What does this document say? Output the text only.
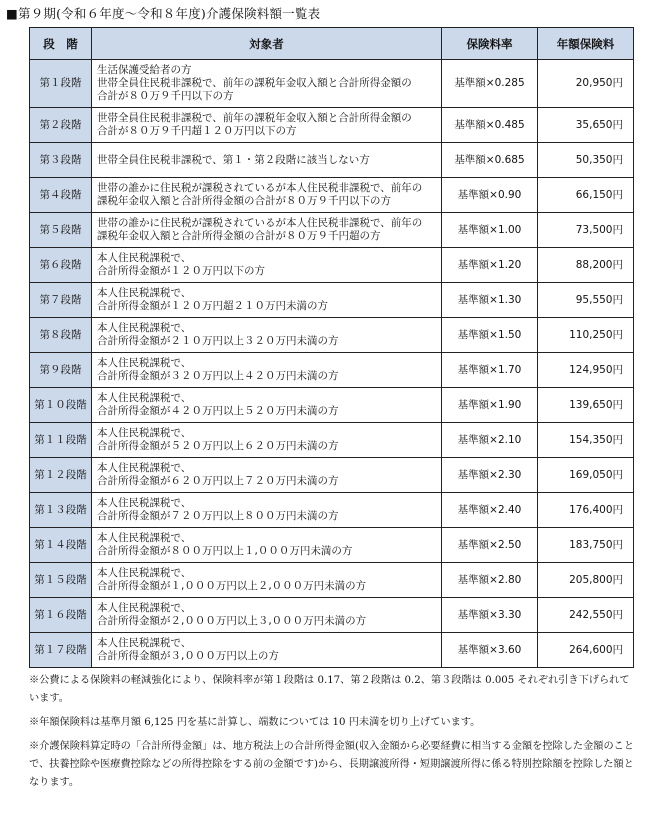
■第９期(令和６年度～令和８年度)介護保険料額一覧表
段　階	対象者	保険料率	年額保険料
第１段階	生活保護受給者の方
世帯全員住民税非課税で、前年の課税年金収入額と合計所得金額の
合計が８０万９千円以下の方	基準額×0.285	20,950円
第２段階	世帯全員住民税非課税で、前年の課税年金収入額と合計所得金額の
合計が８０万９千円超１２０万円以下の方	基準額×0.485	35,650円
第３段階	世帯全員住民税非課税で、第１・第２段階に該当しない方	基準額×0.685	50,350円
第４段階	世帯の誰かに住民税が課税されているが本人住民税非課税で、前年の
課税年金収入額と合計所得金額の合計が８０万９千円以下の方	基準額×0.90	66,150円
第５段階	世帯の誰かに住民税が課税されているが本人住民税非課税で、前年の
課税年金収入額と合計所得金額の合計が８０万９千円超の方	基準額×1.00	73,500円
第６段階	本人住民税課税で、
合計所得金額が１２０万円以下の方	基準額×1.20	88,200円
第７段階	本人住民税課税で、
合計所得金額が１２０万円超２１０万円未満の方	基準額×1.30	95,550円
第８段階	本人住民税課税で、
合計所得金額が２１０万円以上３２０万円未満の方	基準額×1.50	110,250円
第９段階	本人住民税課税で、
合計所得金額が３２０万円以上４２０万円未満の方	基準額×1.70	124,950円
第１０段階	本人住民税課税で、
合計所得金額が４２０万円以上５２０万円未満の方	基準額×1.90	139,650円
第１１段階	本人住民税課税で、
合計所得金額が５２０万円以上６２０万円未満の方	基準額×2.10	154,350円
第１２段階	本人住民税課税で、
合計所得金額が６２０万円以上７２０万円未満の方	基準額×2.30	169,050円
第１３段階	本人住民税課税で、
合計所得金額が７２０万円以上８００万円未満の方	基準額×2.40	176,400円
第１４段階	本人住民税課税で、
合計所得金額が８００万円以上１,０００万円未満の方	基準額×2.50	183,750円
第１５段階	本人住民税課税で、
合計所得金額が１,０００万円以上２,０００万円未満の方	基準額×2.80	205,800円
第１６段階	本人住民税課税で、
合計所得金額が２,０００万円以上３,０００万円未満の方	基準額×3.30	242,550円
第１７段階	本人住民税課税で、
合計所得金額が３,０００万円以上の方	基準額×3.60	264,600円

※公費による保険料の軽減強化により、保険料率が第１段階は 0.17、第２段階は 0.2、第３段階は 0.005 それぞれ引き下げられています。

※年額保険料は基準月額 6,125 円を基に計算し、端数については 10 円未満を切り上げています。

※介護保険料算定時の「合計所得金額」は、地方税法上の合計所得金額(収入金額から必要経費に相当する金額を控除した金額のことで、扶養控除や医療費控除などの所得控除をする前の金額です)から、長期譲渡所得・短期譲渡所得に係る特別控除額を控除した額となります。
